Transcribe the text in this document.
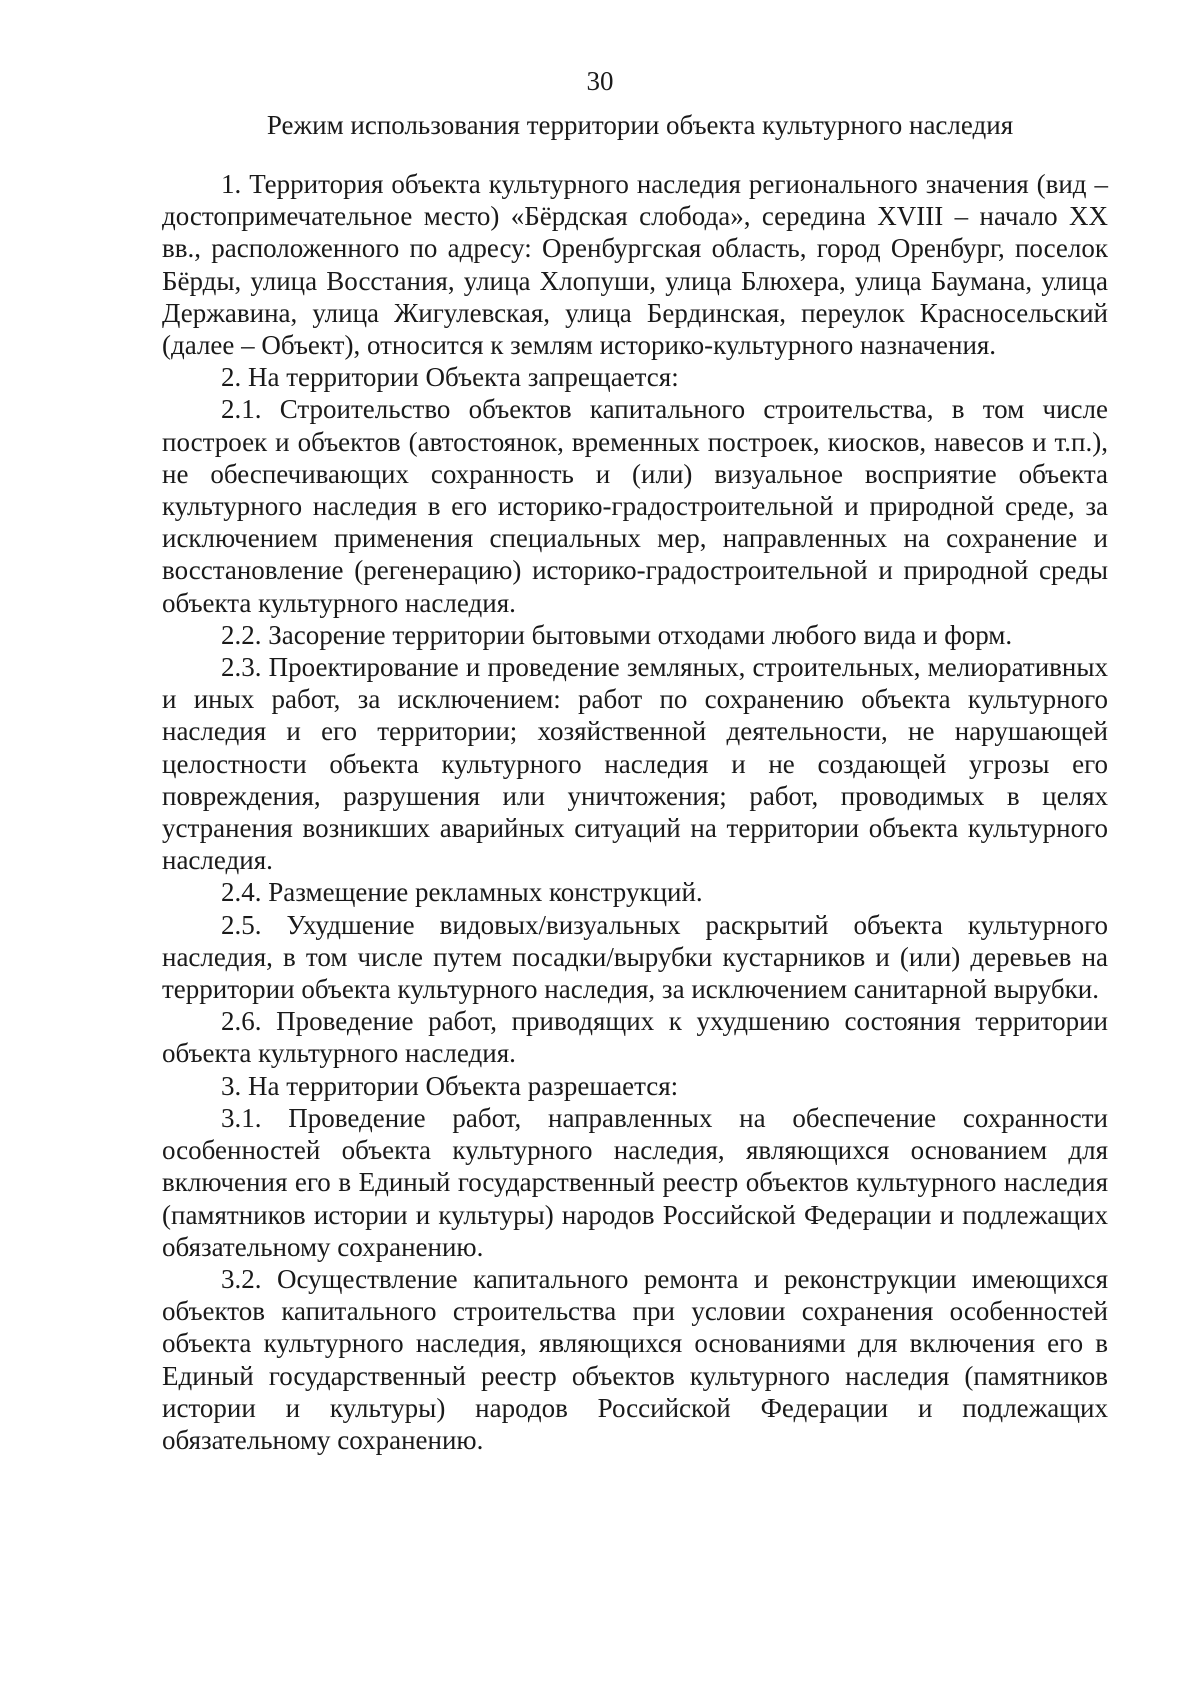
30
Режим использования территории объекта культурного наследия

1. Территория объекта культурного наследия регионального значения (вид – достопримечательное место) «Бёрдская слобода», середина XVIII – начало XX вв., расположенного по адресу: Оренбургская область, город Оренбург, поселок Бёрды, улица Восстания, улица Хлопуши, улица Блюхера, улица Баумана, улица Державина, улица Жигулевская, улица Бердинская, переулок Красносельский (далее – Объект), относится к землям историко-культурного назначения.

2. На территории Объекта запрещается:

2.1. Строительство объектов капитального строительства, в том числе построек и объектов (автостоянок, временных построек, киосков, навесов и т.п.), не обеспечивающих сохранность и (или) визуальное восприятие объекта культурного наследия в его историко-градостроительной и природной среде, за исключением применения специальных мер, направленных на сохранение и восстановление (регенерацию) историко-градостроительной и природной среды объекта культурного наследия.

2.2. Засорение территории бытовыми отходами любого вида и форм.

2.3. Проектирование и проведение земляных, строительных, мелиоративных и иных работ, за исключением: работ по сохранению объекта культурного наследия и его территории; хозяйственной деятельности, не нарушающей целостности объекта культурного наследия и не создающей угрозы его повреждения, разрушения или уничтожения; работ, проводимых в целях устранения возникших аварийных ситуаций на территории объекта культурного наследия.

2.4. Размещение рекламных конструкций.

2.5. Ухудшение видовых/визуальных раскрытий объекта культурного наследия, в том числе путем посадки/вырубки кустарников и (или) деревьев на территории объекта культурного наследия, за исключением санитарной вырубки.

2.6. Проведение работ, приводящих к ухудшению состояния территории объекта культурного наследия.

3. На территории Объекта разрешается:

3.1. Проведение работ, направленных на обеспечение сохранности особенностей объекта культурного наследия, являющихся основанием для включения его в Единый государственный реестр объектов культурного наследия (памятников истории и культуры) народов Российской Федерации и подлежащих обязательному сохранению.

3.2. Осуществление капитального ремонта и реконструкции имеющихся объектов капитального строительства при условии сохранения особенностей объекта культурного наследия, являющихся основаниями для включения его в Единый государственный реестр объектов культурного наследия (памятников истории и культуры) народов Российской Федерации и подлежащих обязательному сохранению.
